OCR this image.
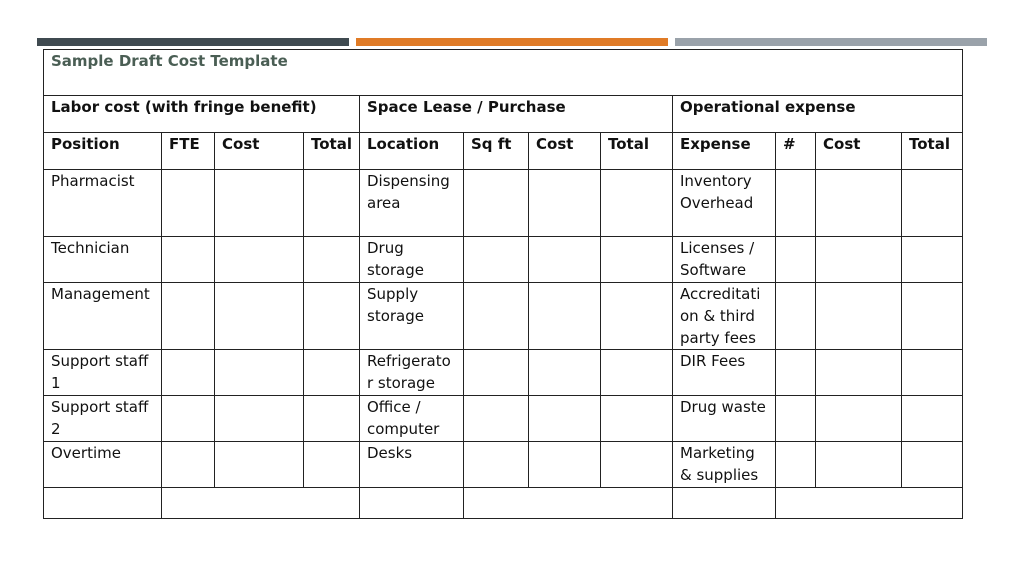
Sample Draft Cost Template											
Labor cost (with fringe benefit)				Space Lease / Purchase				Operational expense			
Position	FTE	Cost	Total	Location	Sq ft	Cost	Total	Expense	#	Cost	Total
Pharmacist				Dispensing area				Inventory Overhead			
Technician				Drug storage				Licenses / Software			
Management				Supply storage				Accreditation & third party fees			
Support staff 1				Refrigerator storage				DIR Fees			
Support staff 2				Office / computer				Drug waste			
Overtime				Desks				Marketing & supplies			
